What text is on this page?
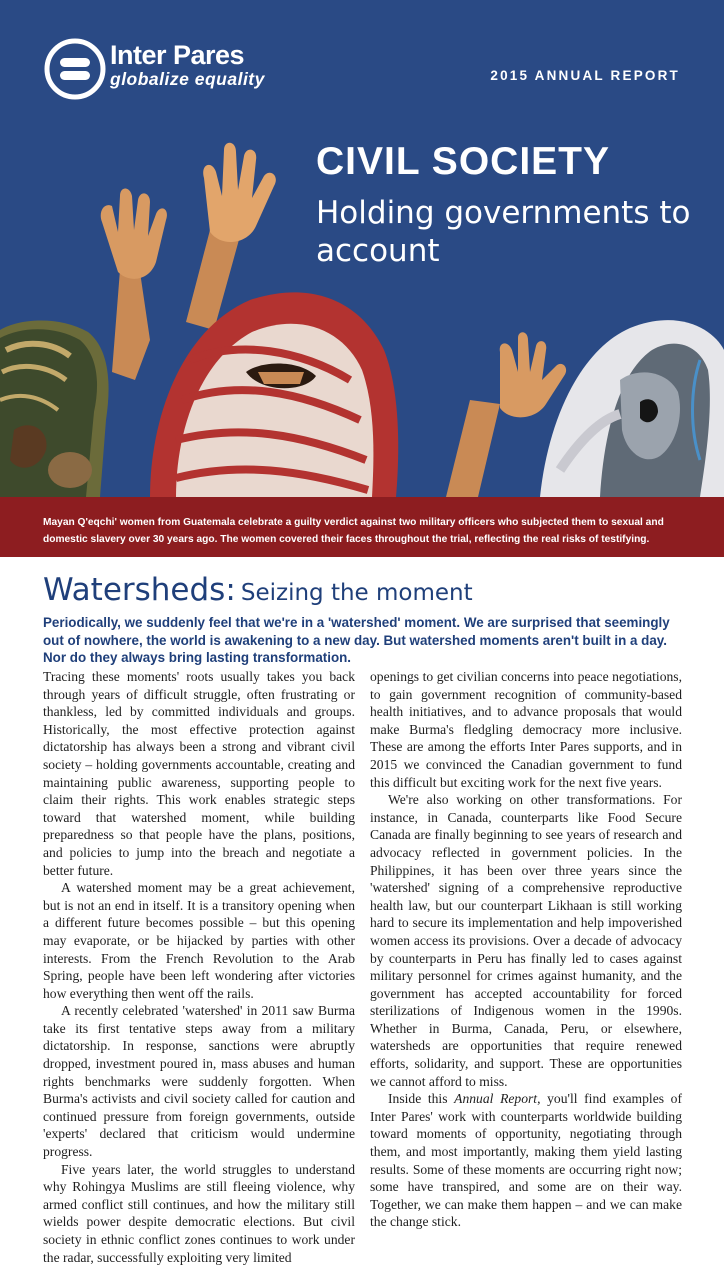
Inter Pares
globalize equality	2015 ANNUAL REPORT
CIVIL SOCIETY
Holding governments to account

Mayan Q'eqchi' women from Guatemala celebrate a guilty verdict against two military officers who subjected them to sexual and domestic slavery over 30 years ago. The women covered their faces throughout the trial, reflecting the real risks of testifying.

Watersheds: Seizing the moment

Periodically, we suddenly feel that we're in a 'watershed' moment. We are surprised that seemingly out of nowhere, the world is awakening to a new day. But watershed moments aren't built in a day. Nor do they always bring lasting transformation.

Tracing these moments' roots usually takes you back through years of difficult struggle, often frustrating or thankless, led by committed individuals and groups. Historically, the most effective protection against dictatorship has always been a strong and vibrant civil society – holding governments accountable, creating and maintaining public awareness, supporting people to claim their rights. This work enables strategic steps toward that watershed moment, while building preparedness so that people have the plans, positions, and policies to jump into the breach and negotiate a better future.

A watershed moment may be a great achievement, but is not an end in itself. It is a transitory opening when a different future becomes possible – but this opening may evaporate, or be hijacked by parties with other interests. From the French Revolution to the Arab Spring, people have been left wondering after victories how everything then went off the rails.

A recently celebrated 'watershed' in 2011 saw Burma take its first tentative steps away from a military dictatorship. In response, sanctions were abruptly dropped, investment poured in, mass abuses and human rights benchmarks were suddenly forgotten. When Burma's activists and civil society called for caution and continued pressure from foreign governments, outside 'experts' declared that criticism would undermine progress.

Five years later, the world struggles to understand why Rohingya Muslims are still fleeing violence, why armed conflict still continues, and how the military still wields power despite democratic elections. But civil society in ethnic conflict zones continues to work under the radar, successfully exploiting very limited

openings to get civilian concerns into peace negotiations, to gain government recognition of community-based health initiatives, and to advance proposals that would make Burma's fledgling democracy more inclusive. These are among the efforts Inter Pares supports, and in 2015 we convinced the Canadian government to fund this difficult but exciting work for the next five years.

We're also working on other transformations. For instance, in Canada, counterparts like Food Secure Canada are finally beginning to see years of research and advocacy reflected in government policies. In the Philippines, it has been over three years since the 'watershed' signing of a comprehensive reproductive health law, but our counterpart Likhaan is still working hard to secure its implementation and help impoverished women access its provisions. Over a decade of advocacy by counterparts in Peru has finally led to cases against military personnel for crimes against humanity, and the government has accepted accountability for forced sterilizations of Indigenous women in the 1990s. Whether in Burma, Canada, Peru, or elsewhere, watersheds are opportunities that require renewed efforts, solidarity, and support. These are opportunities we cannot afford to miss.

Inside this Annual Report, you'll find examples of Inter Pares' work with counterparts worldwide building toward moments of opportunity, negotiating through them, and most importantly, making them yield lasting results. Some of these moments are occurring right now; some have transpired, and some are on their way. Together, we can make them happen – and we can make the change stick.
